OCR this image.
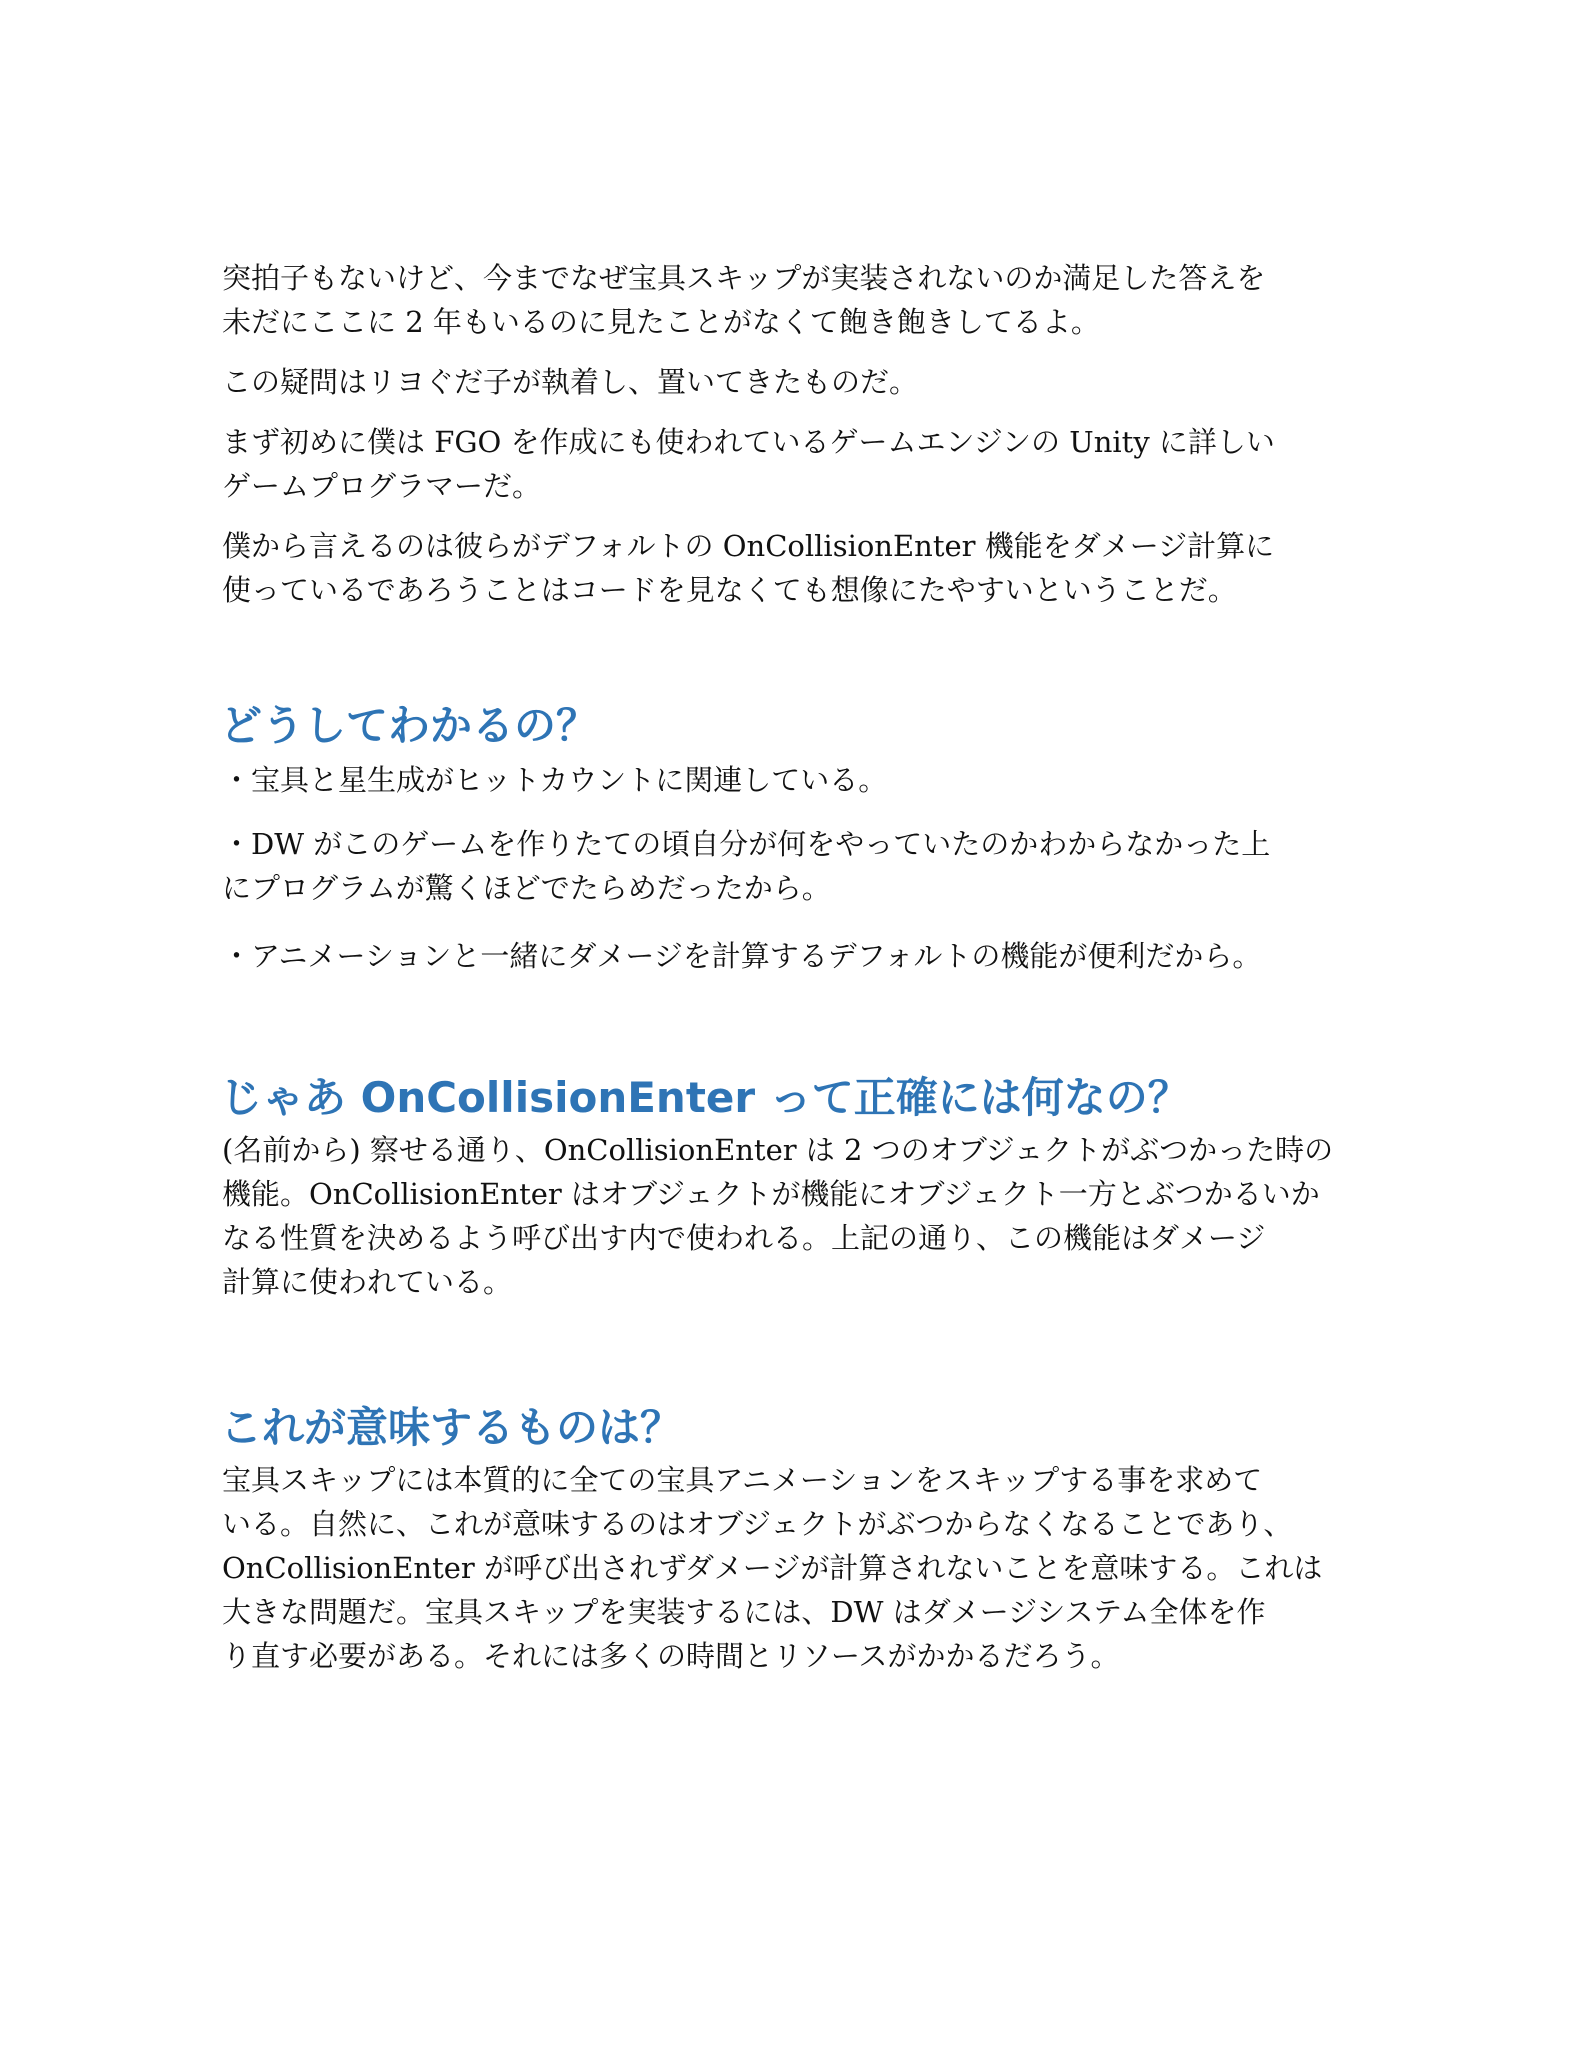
突拍子もないけど、今までなぜ宝具スキップが実装されないのか満足した答えを
未だにここに 2 年もいるのに見たことがなくて飽き飽きしてるよ。

この疑問はリヨぐだ子が執着し、置いてきたものだ。

まず初めに僕は FGO を作成にも使われているゲームエンジンの Unity に詳しい
ゲームプログラマーだ。

僕から言えるのは彼らがデフォルトの OnCollisionEnter 機能をダメージ計算に
使っているであろうことはコードを見なくても想像にたやすいということだ。

どうしてわかるの？

・宝具と星生成がヒットカウントに関連している。

・DW がこのゲームを作りたての頃自分が何をやっていたのかわからなかった上
にプログラムが驚くほどでたらめだったから。

・アニメーションと一緒にダメージを計算するデフォルトの機能が便利だから。

じゃあ OnCollisionEnter って正確には何なの？

(名前から) 察せる通り、OnCollisionEnter は 2 つのオブジェクトがぶつかった時の
機能。OnCollisionEnter はオブジェクトが機能にオブジェクト一方とぶつかるいか
なる性質を決めるよう呼び出す内で使われる。上記の通り、この機能はダメージ
計算に使われている。

これが意味するものは？

宝具スキップには本質的に全ての宝具アニメーションをスキップする事を求めて
いる。自然に、これが意味するのはオブジェクトがぶつからなくなることであり、
OnCollisionEnter が呼び出されずダメージが計算されないことを意味する。これは
大きな問題だ。宝具スキップを実装するには、DW はダメージシステム全体を作
り直す必要がある。それには多くの時間とリソースがかかるだろう。
